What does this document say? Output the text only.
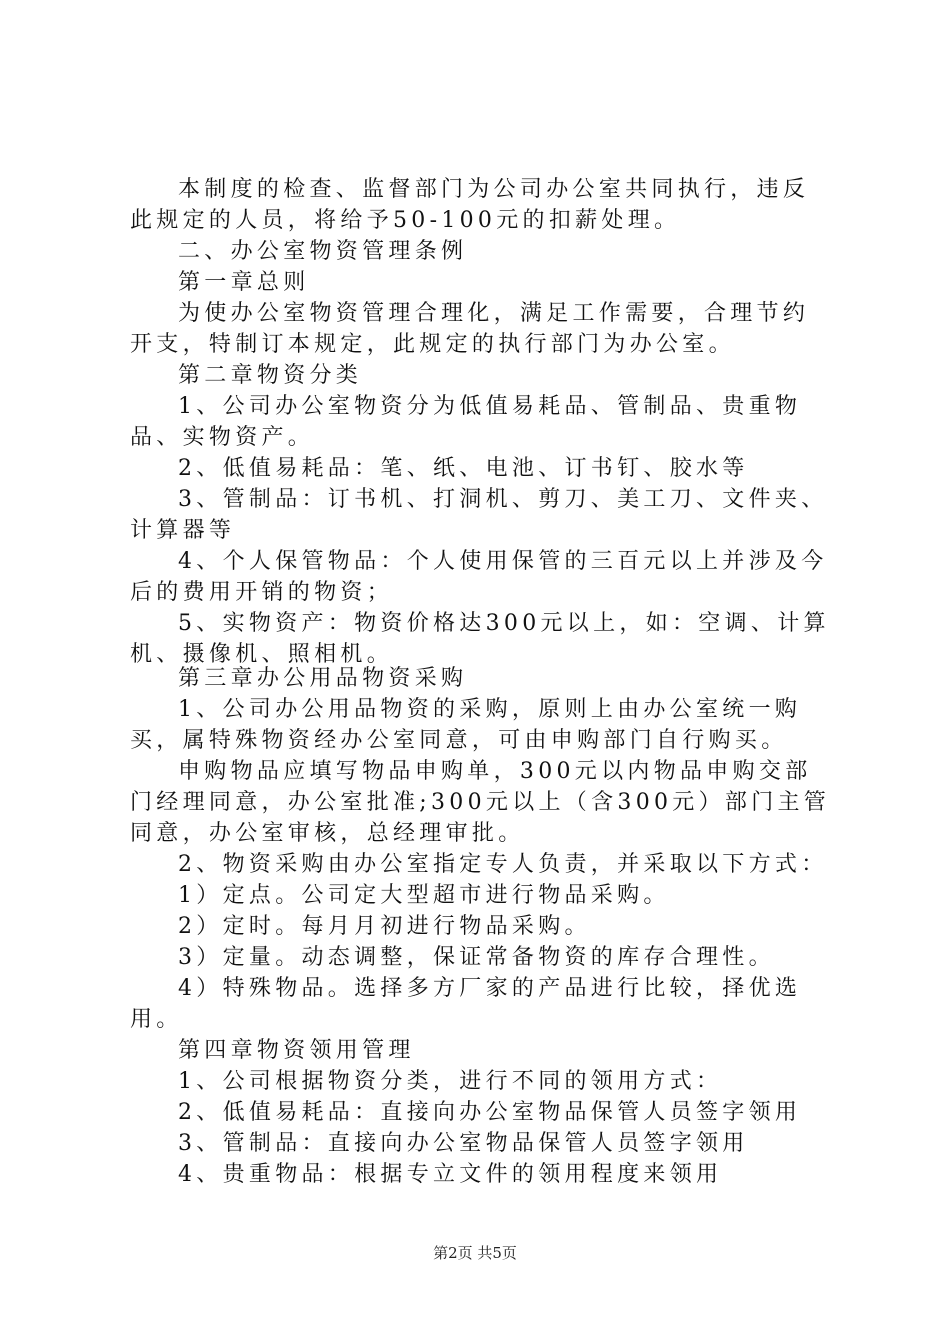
本制度的检查、监督部门为公司办公室共同执行，违反此规定的人员，将给予50-100元的扣薪处理。
二、办公室物资管理条例
第一章总则
为使办公室物资管理合理化，满足工作需要，合理节约开支，特制订本规定，此规定的执行部门为办公室。
第二章物资分类
1、公司办公室物资分为低值易耗品、管制品、贵重物品、实物资产。
2、低值易耗品：笔、纸、电池、订书钉、胶水等
3、管制品：订书机、打洞机、剪刀、美工刀、文件夹、计算器等
4、个人保管物品：个人使用保管的三百元以上并涉及今后的费用开销的物资；
5、实物资产：物资价格达300元以上，如：空调、计算机、摄像机、照相机。
第三章办公用品物资采购
1、公司办公用品物资的采购，原则上由办公室统一购买，属特殊物资经办公室同意，可由申购部门自行购买。
申购物品应填写物品申购单，300元以内物品申购交部门经理同意，办公室批准;300元以上（含300元）部门主管同意，办公室审核，总经理审批。
2、物资采购由办公室指定专人负责，并采取以下方式：
1）定点。公司定大型超市进行物品采购。
2）定时。每月月初进行物品采购。
3）定量。动态调整，保证常备物资的库存合理性。
4）特殊物品。选择多方厂家的产品进行比较，择优选用。
第四章物资领用管理
1、公司根据物资分类，进行不同的领用方式：
2、低值易耗品：直接向办公室物品保管人员签字领用
3、管制品：直接向办公室物品保管人员签字领用
4、贵重物品：根据专立文件的领用程度来领用
第2页 共5页
